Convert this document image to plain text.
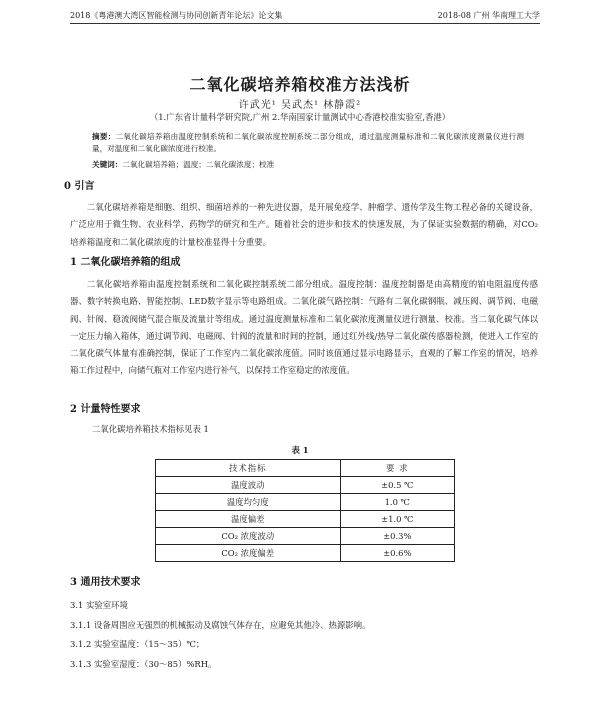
2018《粤港澳大湾区智能检测与协同创新青年论坛》论文集	2018-08 广州 华南理工大学
二氧化碳培养箱校准方法浅析
许武光¹ 吴武杰¹ 林静霞²
（1.广东省计量科学研究院,广州 2.华南国家计量测试中心香港校准实验室,香港）
摘要：二氧化碳培养箱由温度控制系统和二氧化碳浓度控制系统二部分组成，通过温度测量标准和二氧化碳浓度测量仪进行测量，对温度和二氧化碳浓度进行校准。
关键词：二氧化碳培养箱；温度；二氧化碳浓度；校准
0 引言
二氧化碳培养箱是细胞、组织、细菌培养的一种先进仪器，是开展免疫学、肿瘤学、遗传学及生物工程必备的关键设备，广泛应用于微生物、农业科学、药物学的研究和生产。随着社会的进步和技术的快速发展，为了保证实验数据的精确，对CO₂培养箱温度和二氧化碳浓度的计量校准显得十分重要。
1 二氧化碳培养箱的组成
二氧化碳培养箱由温度控制系统和二氧化碳控制系统二部分组成。温度控制：温度控制器是由高精度的铂电阻温度传感器、数字转换电路、智能控制、LED数字显示等电路组成。二氧化碳气路控制：气路有二氧化碳钢瓶、减压阀、调节阀、电磁阀、针阀、稳流阀储气混合瓶及流量计等组成。通过温度测量标准和二氧化碳浓度测量仪进行测量、校准。当二氧化碳气体以一定压力输入箱体，通过调节阀、电磁阀、针阀的流量和时间的控制，通过红外线/热导二氧化碳传感器检测，使进入工作室的二氧化碳气体量有准确控制，保证了工作室内二氧化碳浓度值。同时该值通过显示电路显示，直观的了解工作室的情况，培养箱工作过程中，向储气瓶对工作室内进行补气，以保持工作室稳定的浓度值。
2 计量特性要求
二氧化碳培养箱技术指标见表 1
表 1
技术指标	要 求
温度波动	±0.5 ℃
温度均匀度	1.0 ℃
温度偏差	±1.0 ℃
CO₂ 浓度波动	±0.3%
CO₂ 浓度偏差	±0.6%
3 通用技术要求
3.1 实验室环境
3.1.1 设备周围应无强烈的机械振动及腐蚀气体存在，应避免其他冷、热源影响。
3.1.2 实验室温度：（15～35）℃；
3.1.3 实验室湿度：（30～85）%RH。
